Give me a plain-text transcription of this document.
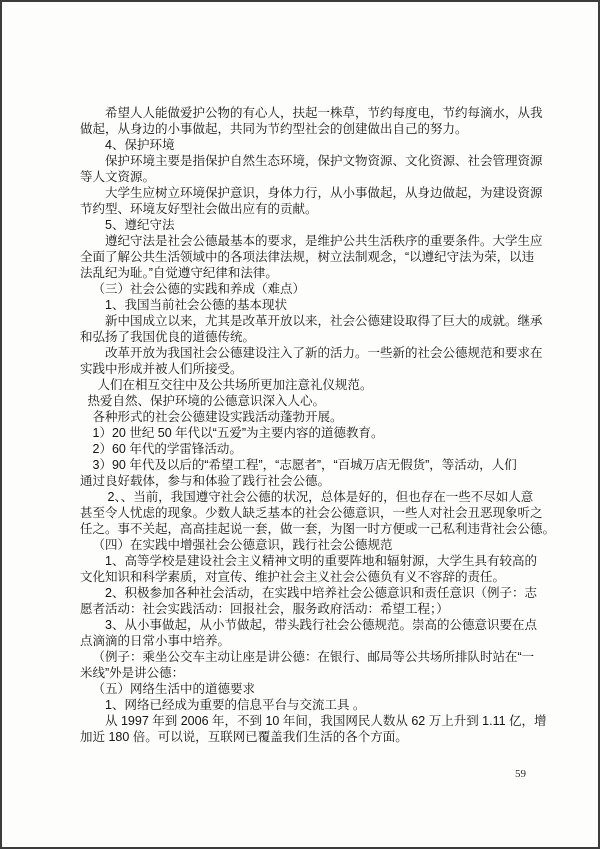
希望人人能做爱护公物的有心人，扶起一株草，节约每度电，节约每滴水，从我
做起，从身边的小事做起，共同为节约型社会的创建做出自己的努力。
4、保护环境
保护环境主要是指保护自然生态环境，保护文物资源、文化资源、社会管理资源
等人文资源。
大学生应树立环境保护意识，身体力行，从小事做起，从身边做起，为建设资源
节约型、环境友好型社会做出应有的贡献。
5、遵纪守法
遵纪守法是社会公德最基本的要求，是维护公共生活秩序的重要条件。大学生应
全面了解公共生活领域中的各项法律法规，树立法制观念，“以遵纪守法为荣，以违
法乱纪为耻。”自觉遵守纪律和法律。
（三）社会公德的实践和养成（难点）
1、我国当前社会公德的基本现状
新中国成立以来，尤其是改革开放以来，社会公德建设取得了巨大的成就。继承
和弘扬了我国优良的道德传统。
改革开放为我国社会公德建设注入了新的活力。一些新的社会公德规范和要求在
实践中形成并被人们所接受。
人们在相互交往中及公共场所更加注意礼仪规范。
热爱自然、保护环境的公德意识深入人心。
各种形式的社会公德建设实践活动蓬勃开展。
1）20 世纪 50 年代以“五爱”为主要内容的道德教育。
2）60 年代的学雷锋活动。
3）90 年代及以后的“希望工程”，“志愿者”，“百城万店无假货”，等活动，人们
通过良好载体，参与和体验了践行社会公德。
2、、当前，我国遵守社会公德的状况，总体是好的，但也存在一些不尽如人意
甚至令人忧虑的现象。少数人缺乏基本的社会公德意识，一些人对社会丑恶现象听之
任之。事不关起，高高挂起说一套，做一套，为图一时方便或一己私利违背社会公德。
（四）在实践中增强社会公德意识，践行社会公德规范
1、高等学校是建设社会主义精神文明的重要阵地和辐射源，大学生具有较高的
文化知识和科学素质，对宣传、维护社会主义社会公德负有义不容辞的责任。
2、积极参加各种社会活动，在实践中培养社会公德意识和责任意识（例子：志
愿者活动：社会实践活动：回报社会，服务政府活动：希望工程；）
3、从小事做起，从小节做起，带头践行社会公德规范。崇高的公德意识要在点
点滴滴的日常小事中培养。
（例子：乘坐公交车主动让座是讲公德：在银行、邮局等公共场所排队时站在“一
米线”外是讲公德：
（五）网络生活中的道德要求
1、网络已经成为重要的信息平台与交流工具 。
从 1997 年到 2006 年，不到 10 年间，我国网民人数从 62 万上升到 1.11 亿，增
加近 180 倍。可以说，互联网已覆盖我们生活的各个方面。
59
